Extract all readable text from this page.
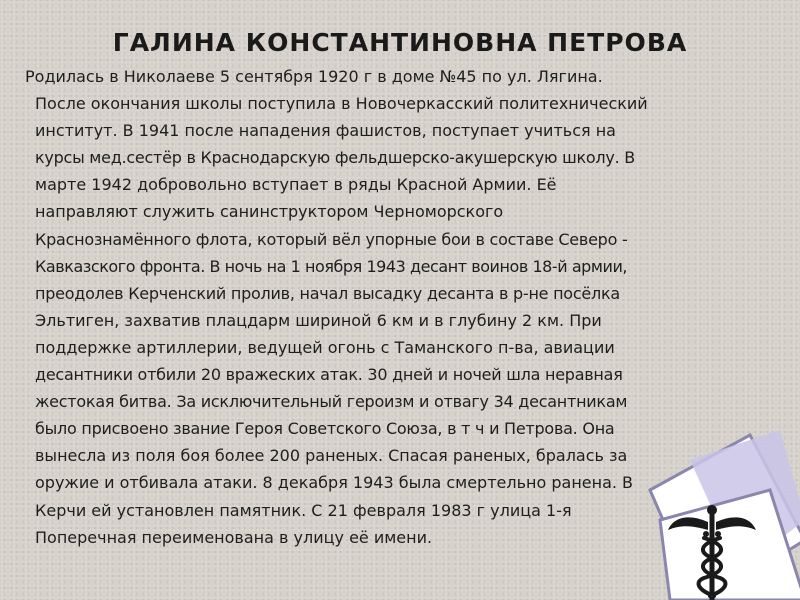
ГАЛИНА КОНСТАНТИНОВНА ПЕТРОВА

Родилась в Николаеве 5 сентября 1920 г в доме №45 по ул. Лягина.
После окончания школы поступила в Новочеркасский политехнический
институт. В 1941 после нападения фашистов, поступает учиться на
курсы мед.сестёр в Краснодарскую фельдшерско-акушерскую школу. В
марте 1942 добровольно вступает в ряды Красной Армии. Её
направляют служить санинструктором Черноморского
Краснознамённого флота, который вёл упорные бои в составе Северо -
Кавказского фронта. В ночь на 1 ноября 1943 десант воинов 18-й армии,
преодолев Керченский пролив, начал высадку десанта в р-не посёлка
Эльтиген, захватив плацдарм шириной 6 км и в глубину 2 км. При
поддержке артиллерии, ведущей огонь с Таманского п-ва, авиации
десантники отбили 20 вражеских атак. 30 дней и ночей шла неравная
жестокая битва. За исключительный героизм и отвагу 34 десантникам
было присвоено звание Героя Советского Союза, в т ч и Петрова. Она
вынесла из поля боя более 200 раненых. Спасая раненых, бралась за
оружие и отбивала атаки. 8 декабря 1943 была смертельно ранена. В
Керчи ей установлен памятник. С 21 февраля 1983 г улица 1-я
Поперечная переименована в улицу её имени.
